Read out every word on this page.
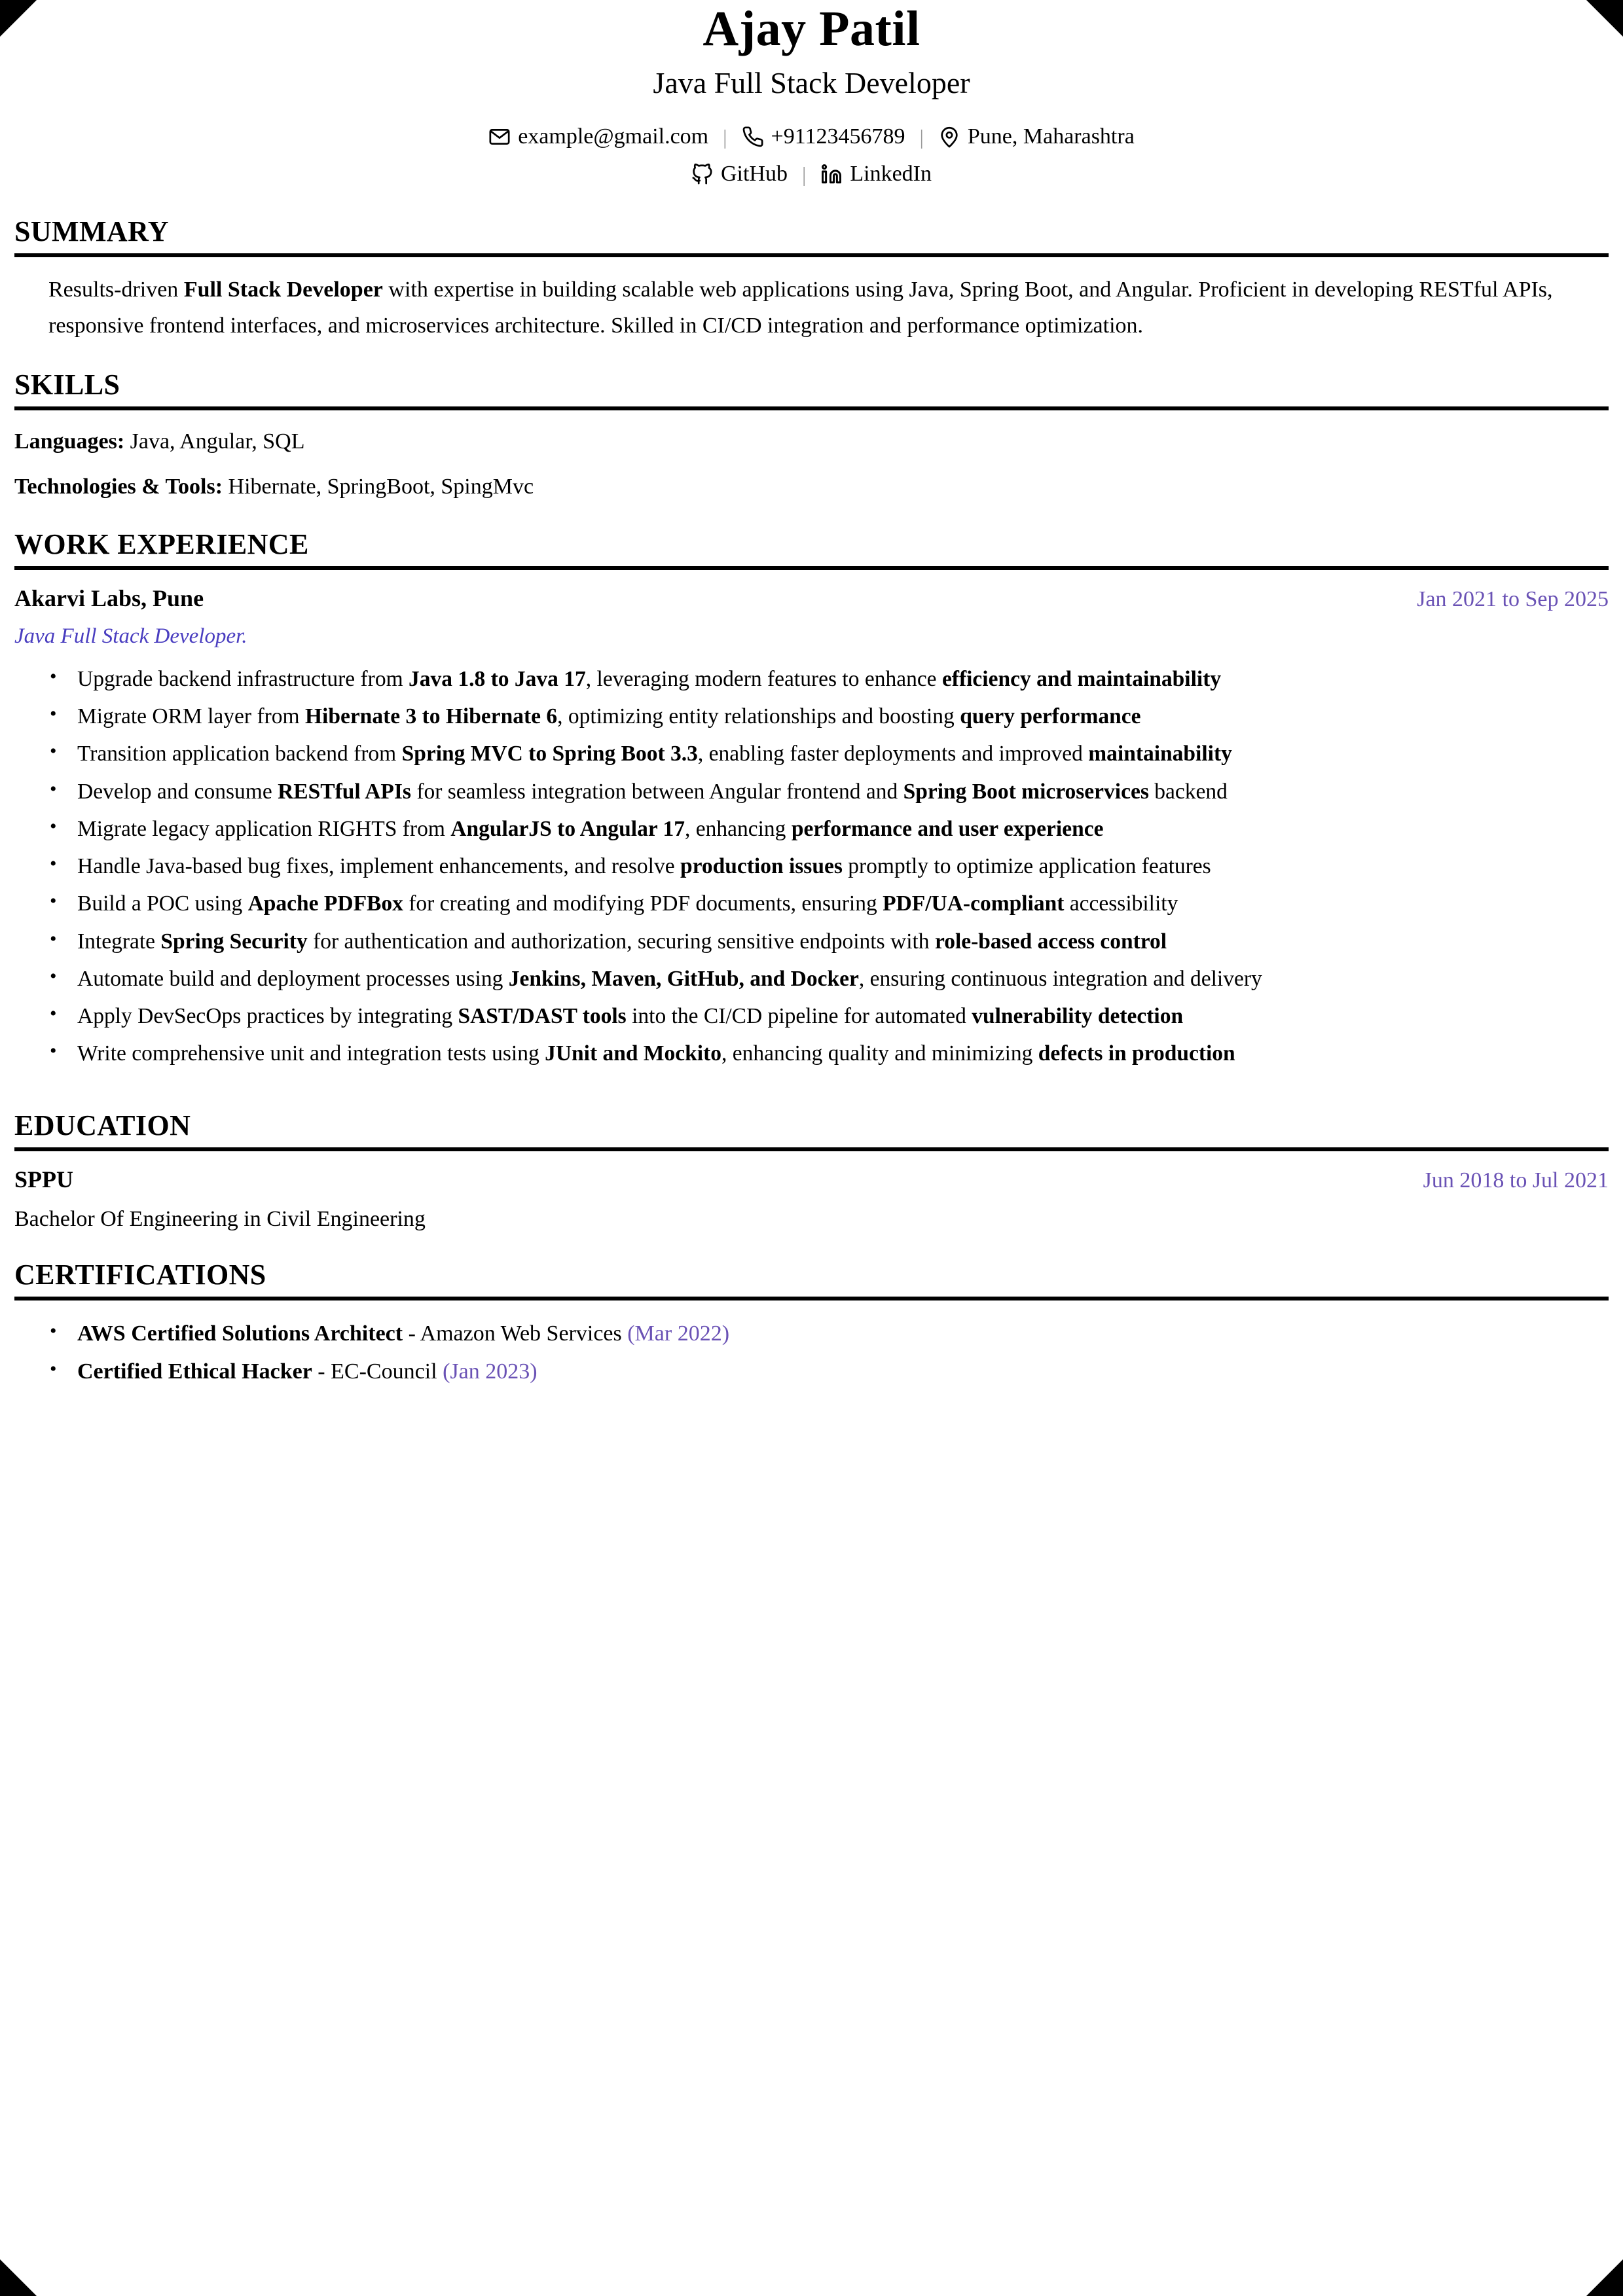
Ajay Patil
Java Full Stack Developer
example@gmail.com | +91123456789 | Pune, Maharashtra
GitHub | LinkedIn
SUMMARY

Results-driven Full Stack Developer with expertise in building scalable web applications using Java, Spring Boot, and Angular. Proficient in developing RESTful APIs, responsive frontend interfaces, and microservices architecture. Skilled in CI/CD integration and performance optimization.

SKILLS
Languages: Java, Angular, SQL
Technologies & Tools: Hibernate, SpringBoot, SpingMvc
WORK EXPERIENCE
Akarvi Labs, Pune	Jan 2021 to Sep 2025
Java Full Stack Developer.
• Upgrade backend infrastructure from Java 1.8 to Java 17, leveraging modern features to enhance efficiency and maintainability
• Migrate ORM layer from Hibernate 3 to Hibernate 6, optimizing entity relationships and boosting query performance
• Transition application backend from Spring MVC to Spring Boot 3.3, enabling faster deployments and improved maintainability
• Develop and consume RESTful APIs for seamless integration between Angular frontend and Spring Boot microservices backend
• Migrate legacy application RIGHTS from AngularJS to Angular 17, enhancing performance and user experience
• Handle Java-based bug fixes, implement enhancements, and resolve production issues promptly to optimize application features
• Build a POC using Apache PDFBox for creating and modifying PDF documents, ensuring PDF/UA-compliant accessibility
• Integrate Spring Security for authentication and authorization, securing sensitive endpoints with role-based access control
• Automate build and deployment processes using Jenkins, Maven, GitHub, and Docker, ensuring continuous integration and delivery
• Apply DevSecOps practices by integrating SAST/DAST tools into the CI/CD pipeline for automated vulnerability detection
• Write comprehensive unit and integration tests using JUnit and Mockito, enhancing quality and minimizing defects in production
EDUCATION
SPPU	Jun 2018 to Jul 2021
Bachelor Of Engineering in Civil Engineering
CERTIFICATIONS
• AWS Certified Solutions Architect - Amazon Web Services (Mar 2022)
• Certified Ethical Hacker - EC-Council (Jan 2023)
